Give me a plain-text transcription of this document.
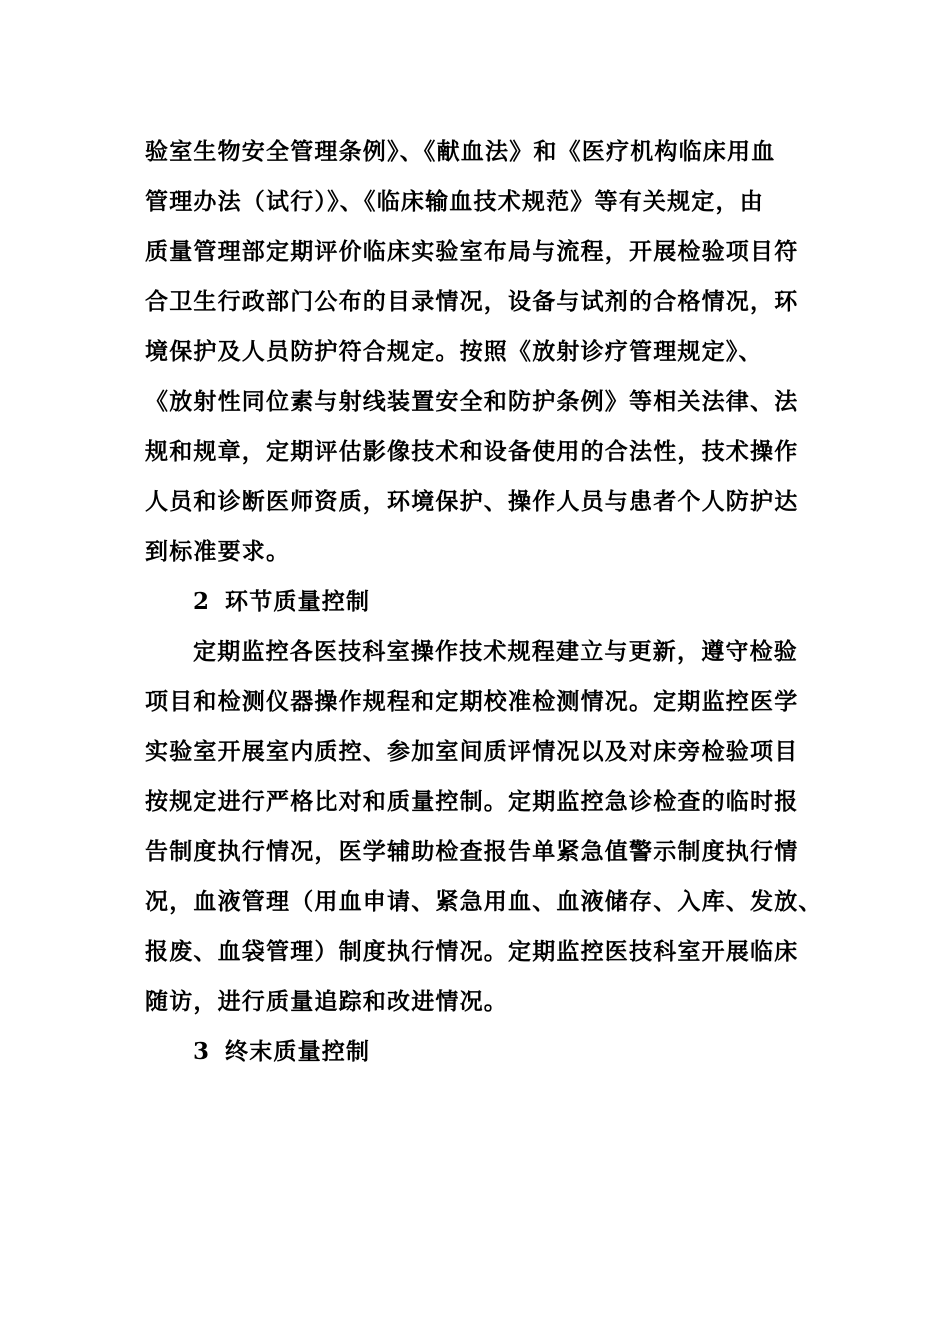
验室生物安全管理条例》、《献血法》和《医疗机构临床用血
管理办法（试行）》、《临床输血技术规范》等有关规定，由
质量管理部定期评价临床实验室布局与流程，开展检验项目符
合卫生行政部门公布的目录情况，设备与试剂的合格情况，环
境保护及人员防护符合规定。按照《放射诊疗管理规定》、
《放射性同位素与射线装置安全和防护条例》等相关法律、法
规和规章，定期评估影像技术和设备使用的合法性，技术操作
人员和诊断医师资质，环境保护、操作人员与患者个人防护达
到标准要求。
2 环节质量控制
定期监控各医技科室操作技术规程建立与更新，遵守检验
项目和检测仪器操作规程和定期校准检测情况。定期监控医学
实验室开展室内质控、参加室间质评情况以及对床旁检验项目
按规定进行严格比对和质量控制。定期监控急诊检查的临时报
告制度执行情况，医学辅助检查报告单紧急值警示制度执行情
况，血液管理（用血申请、紧急用血、血液储存、入库、发放、
报废、血袋管理）制度执行情况。定期监控医技科室开展临床
随访，进行质量追踪和改进情况。
3 终末质量控制
